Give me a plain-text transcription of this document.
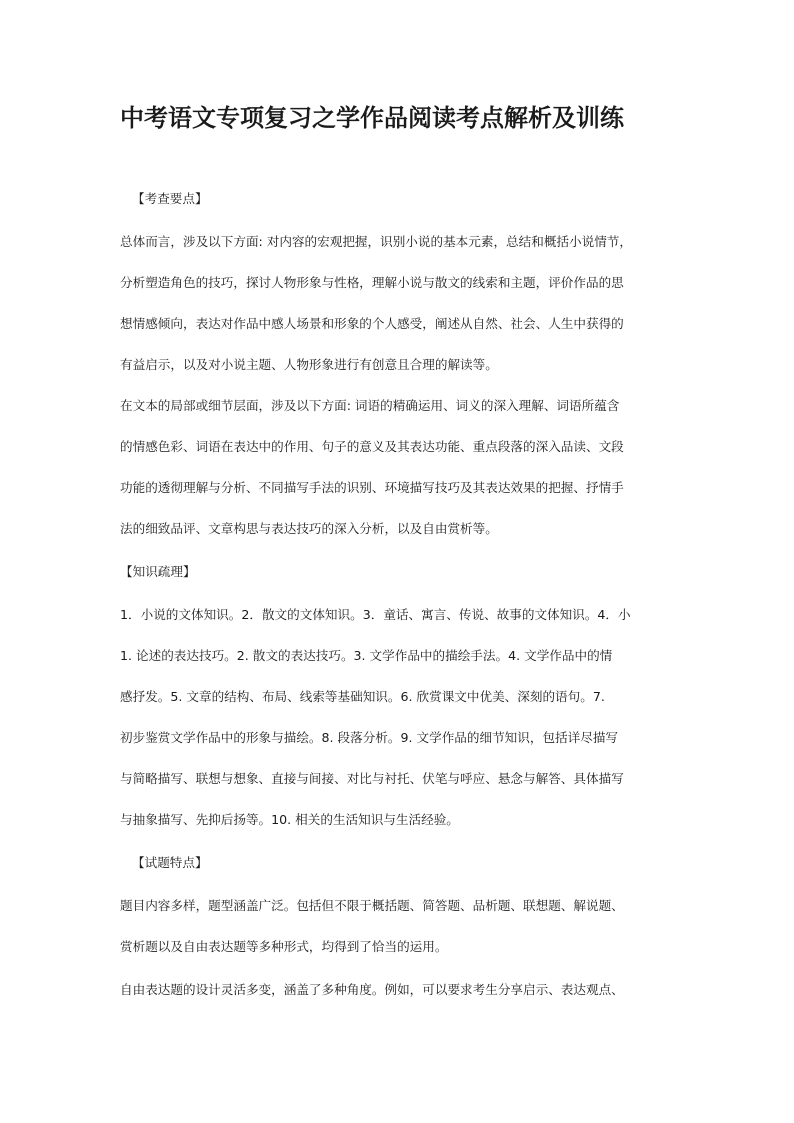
中考语文专项复习之学作品阅读考点解析及训练
【考查要点】
总体而言，涉及以下方面: 对内容的宏观把握，识别小说的基本元素，总结和概括小说情节，
分析塑造角色的技巧，探讨人物形象与性格，理解小说与散文的线索和主题，评价作品的思
想情感倾向，表达对作品中感人场景和形象的个人感受，阐述从自然、社会、人生中获得的
有益启示，以及对小说主题、人物形象进行有创意且合理的解读等。
在文本的局部或细节层面，涉及以下方面: 词语的精确运用、词义的深入理解、词语所蕴含
的情感色彩、词语在表达中的作用、句子的意义及其表达功能、重点段落的深入品读、文段
功能的透彻理解与分析、不同描写手法的识别、环境描写技巧及其表达效果的把握、抒情手
法的细致品评、文章构思与表达技巧的深入分析，以及自由赏析等。
【知识疏理】
1．小说的文体知识。2．散文的文体知识。3．童话、寓言、传说、故事的文体知识。4．小
1. 论述的表达技巧。2. 散文的表达技巧。3. 文学作品中的描绘手法。4. 文学作品中的情
感抒发。5. 文章的结构、布局、线索等基础知识。6. 欣赏课文中优美、深刻的语句。7.
初步鉴赏文学作品中的形象与描绘。8. 段落分析。9. 文学作品的细节知识，包括详尽描写
与简略描写、联想与想象、直接与间接、对比与衬托、伏笔与呼应、悬念与解答、具体描写
与抽象描写、先抑后扬等。10. 相关的生活知识与生活经验。
【试题特点】
题目内容多样，题型涵盖广泛。包括但不限于概括题、简答题、品析题、联想题、解说题、
赏析题以及自由表达题等多种形式，均得到了恰当的运用。
自由表达题的设计灵活多变，涵盖了多种角度。例如，可以要求考生分享启示、表达观点、
